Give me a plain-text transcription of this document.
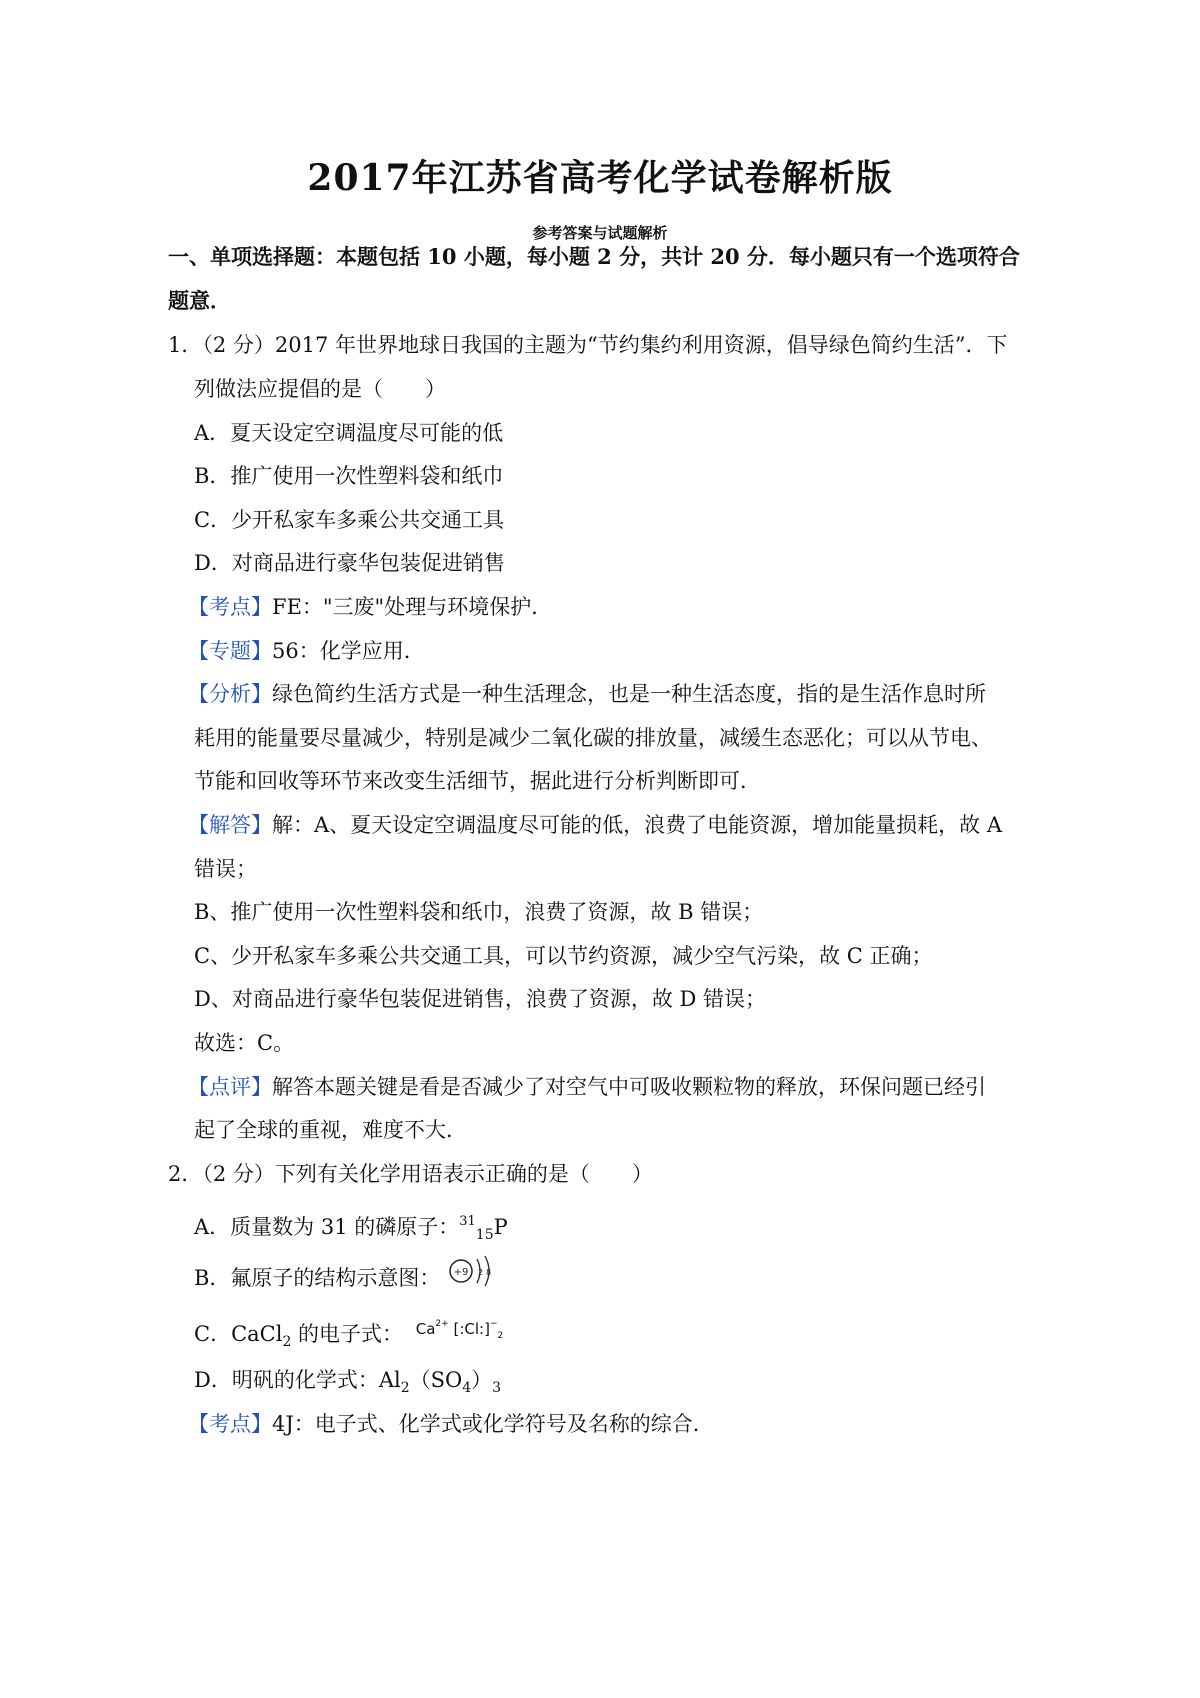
2017年江苏省高考化学试卷解析版
参考答案与试题解析
一、单项选择题：本题包括 10 小题，每小题 2 分，共计 20 分．每小题只有一个选项符合
题意．
1．（2 分）2017 年世界地球日我国的主题为“节约集约利用资源，倡导绿色简约生活”．下
列做法应提倡的是（　　）
A．夏天设定空调温度尽可能的低
B．推广使用一次性塑料袋和纸巾
C．少开私家车多乘公共交通工具
D．对商品进行豪华包装促进销售
【考点】FE："三废"处理与环境保护．
【专题】56：化学应用．
【分析】绿色简约生活方式是一种生活理念，也是一种生活态度，指的是生活作息时所
耗用的能量要尽量减少，特别是减少二氧化碳的排放量，减缓生态恶化；可以从节电、
节能和回收等环节来改变生活细节，据此进行分析判断即可．
【解答】解：A、夏天设定空调温度尽可能的低，浪费了电能资源，增加能量损耗，故 A
错误；
B、推广使用一次性塑料袋和纸巾，浪费了资源，故 B 错误；
C、少开私家车多乘公共交通工具，可以节约资源，减少空气污染，故 C 正确；
D、对商品进行豪华包装促进销售，浪费了资源，故 D 错误；
故选：C。
【点评】解答本题关键是看是否减少了对空气中可吸收颗粒物的释放，环保问题已经引
起了全球的重视，难度不大．
2．（2 分）下列有关化学用语表示正确的是（　　）
A．质量数为 31 的磷原子：$^{31}_{15}$P
B．氟原子的结构示意图： +9 2 8
C．CaCl$_2$ 的电子式： $Ca^{2+}$ $[:Cl:]^-_2$
D．明矾的化学式：$Al_2(SO_4)_3$
【考点】4J：电子式、化学式或化学符号及名称的综合．
